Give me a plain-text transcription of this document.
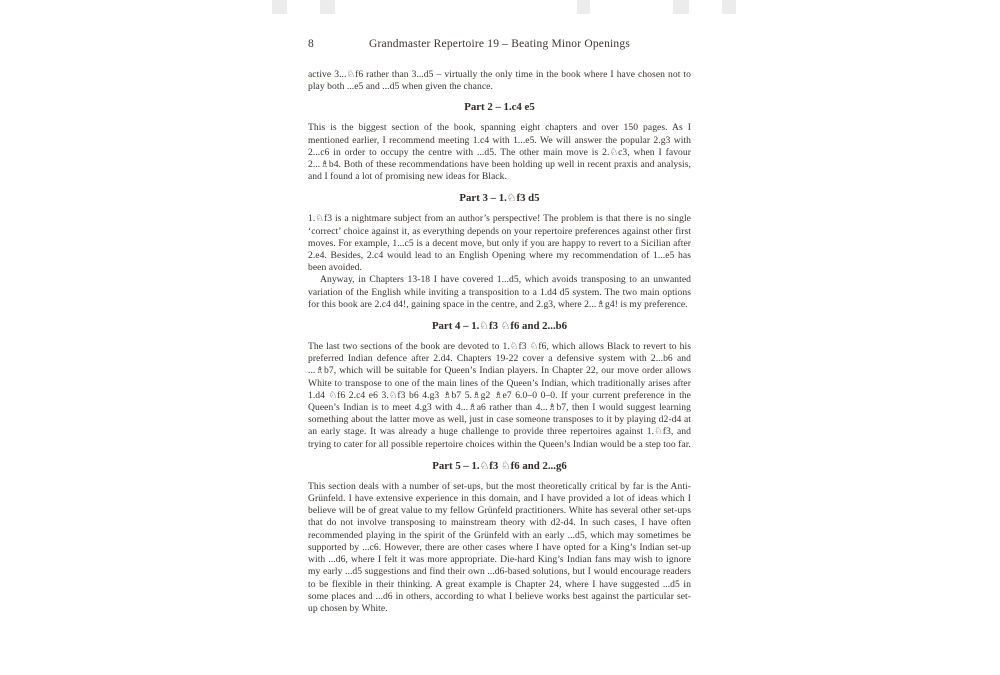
8	Grandmaster Repertoire 19 – Beating Minor Openings

active 3...♘f6 rather than 3...d5 – virtually the only time in the book where I have chosen not to play both ...e5 and ...d5 when given the chance.

Part 2 – 1.c4 e5

This is the biggest section of the book, spanning eight chapters and over 150 pages. As I mentioned earlier, I recommend meeting 1.c4 with 1...e5. We will answer the popular 2.g3 with 2...c6 in order to occupy the centre with ...d5. The other main move is 2.♘c3, when I favour 2...♗b4. Both of these recommendations have been holding up well in recent praxis and analysis, and I found a lot of promising new ideas for Black.

Part 3 – 1.♘f3 d5

1.♘f3 is a nightmare subject from an author’s perspective! The problem is that there is no single ‘correct’ choice against it, as everything depends on your repertoire preferences against other first moves. For example, 1...c5 is a decent move, but only if you are happy to revert to a Sicilian after 2.e4. Besides, 2.c4 would lead to an English Opening where my recommendation of 1...e5 has been avoided.

Anyway, in Chapters 13-18 I have covered 1...d5, which avoids transposing to an unwanted variation of the English while inviting a transposition to a 1.d4 d5 system. The two main options for this book are 2.c4 d4!, gaining space in the centre, and 2.g3, where 2...♗g4! is my preference.

Part 4 – 1.♘f3 ♘f6 and 2...b6

The last two sections of the book are devoted to 1.♘f3 ♘f6, which allows Black to revert to his preferred Indian defence after 2.d4. Chapters 19-22 cover a defensive system with 2...b6 and ...♗b7, which will be suitable for Queen’s Indian players. In Chapter 22, our move order allows White to transpose to one of the main lines of the Queen’s Indian, which traditionally arises after 1.d4 ♘f6 2.c4 e6 3.♘f3 b6 4.g3 ♗b7 5.♗g2 ♗e7 6.0–0 0–0. If your current preference in the Queen’s Indian is to meet 4.g3 with 4...♗a6 rather than 4...♗b7, then I would suggest learning something about the latter move as well, just in case someone transposes to it by playing d2-d4 at an early stage. It was already a huge challenge to provide three repertoires against 1.♘f3, and trying to cater for all possible repertoire choices within the Queen’s Indian would be a step too far.

Part 5 – 1.♘f3 ♘f6 and 2...g6

This section deals with a number of set-ups, but the most theoretically critical by far is the Anti-Grünfeld. I have extensive experience in this domain, and I have provided a lot of ideas which I believe will be of great value to my fellow Grünfeld practitioners. White has several other set-ups that do not involve transposing to mainstream theory with d2-d4. In such cases, I have often recommended playing in the spirit of the Grünfeld with an early ...d5, which may sometimes be supported by ...c6. However, there are other cases where I have opted for a King’s Indian set-up with ...d6, where I felt it was more appropriate. Die-hard King’s Indian fans may wish to ignore my early ...d5 suggestions and find their own ...d6-based solutions, but I would encourage readers to be flexible in their thinking. A great example is Chapter 24, where I have suggested ...d5 in some places and ...d6 in others, according to what I believe works best against the particular set-up chosen by White.
